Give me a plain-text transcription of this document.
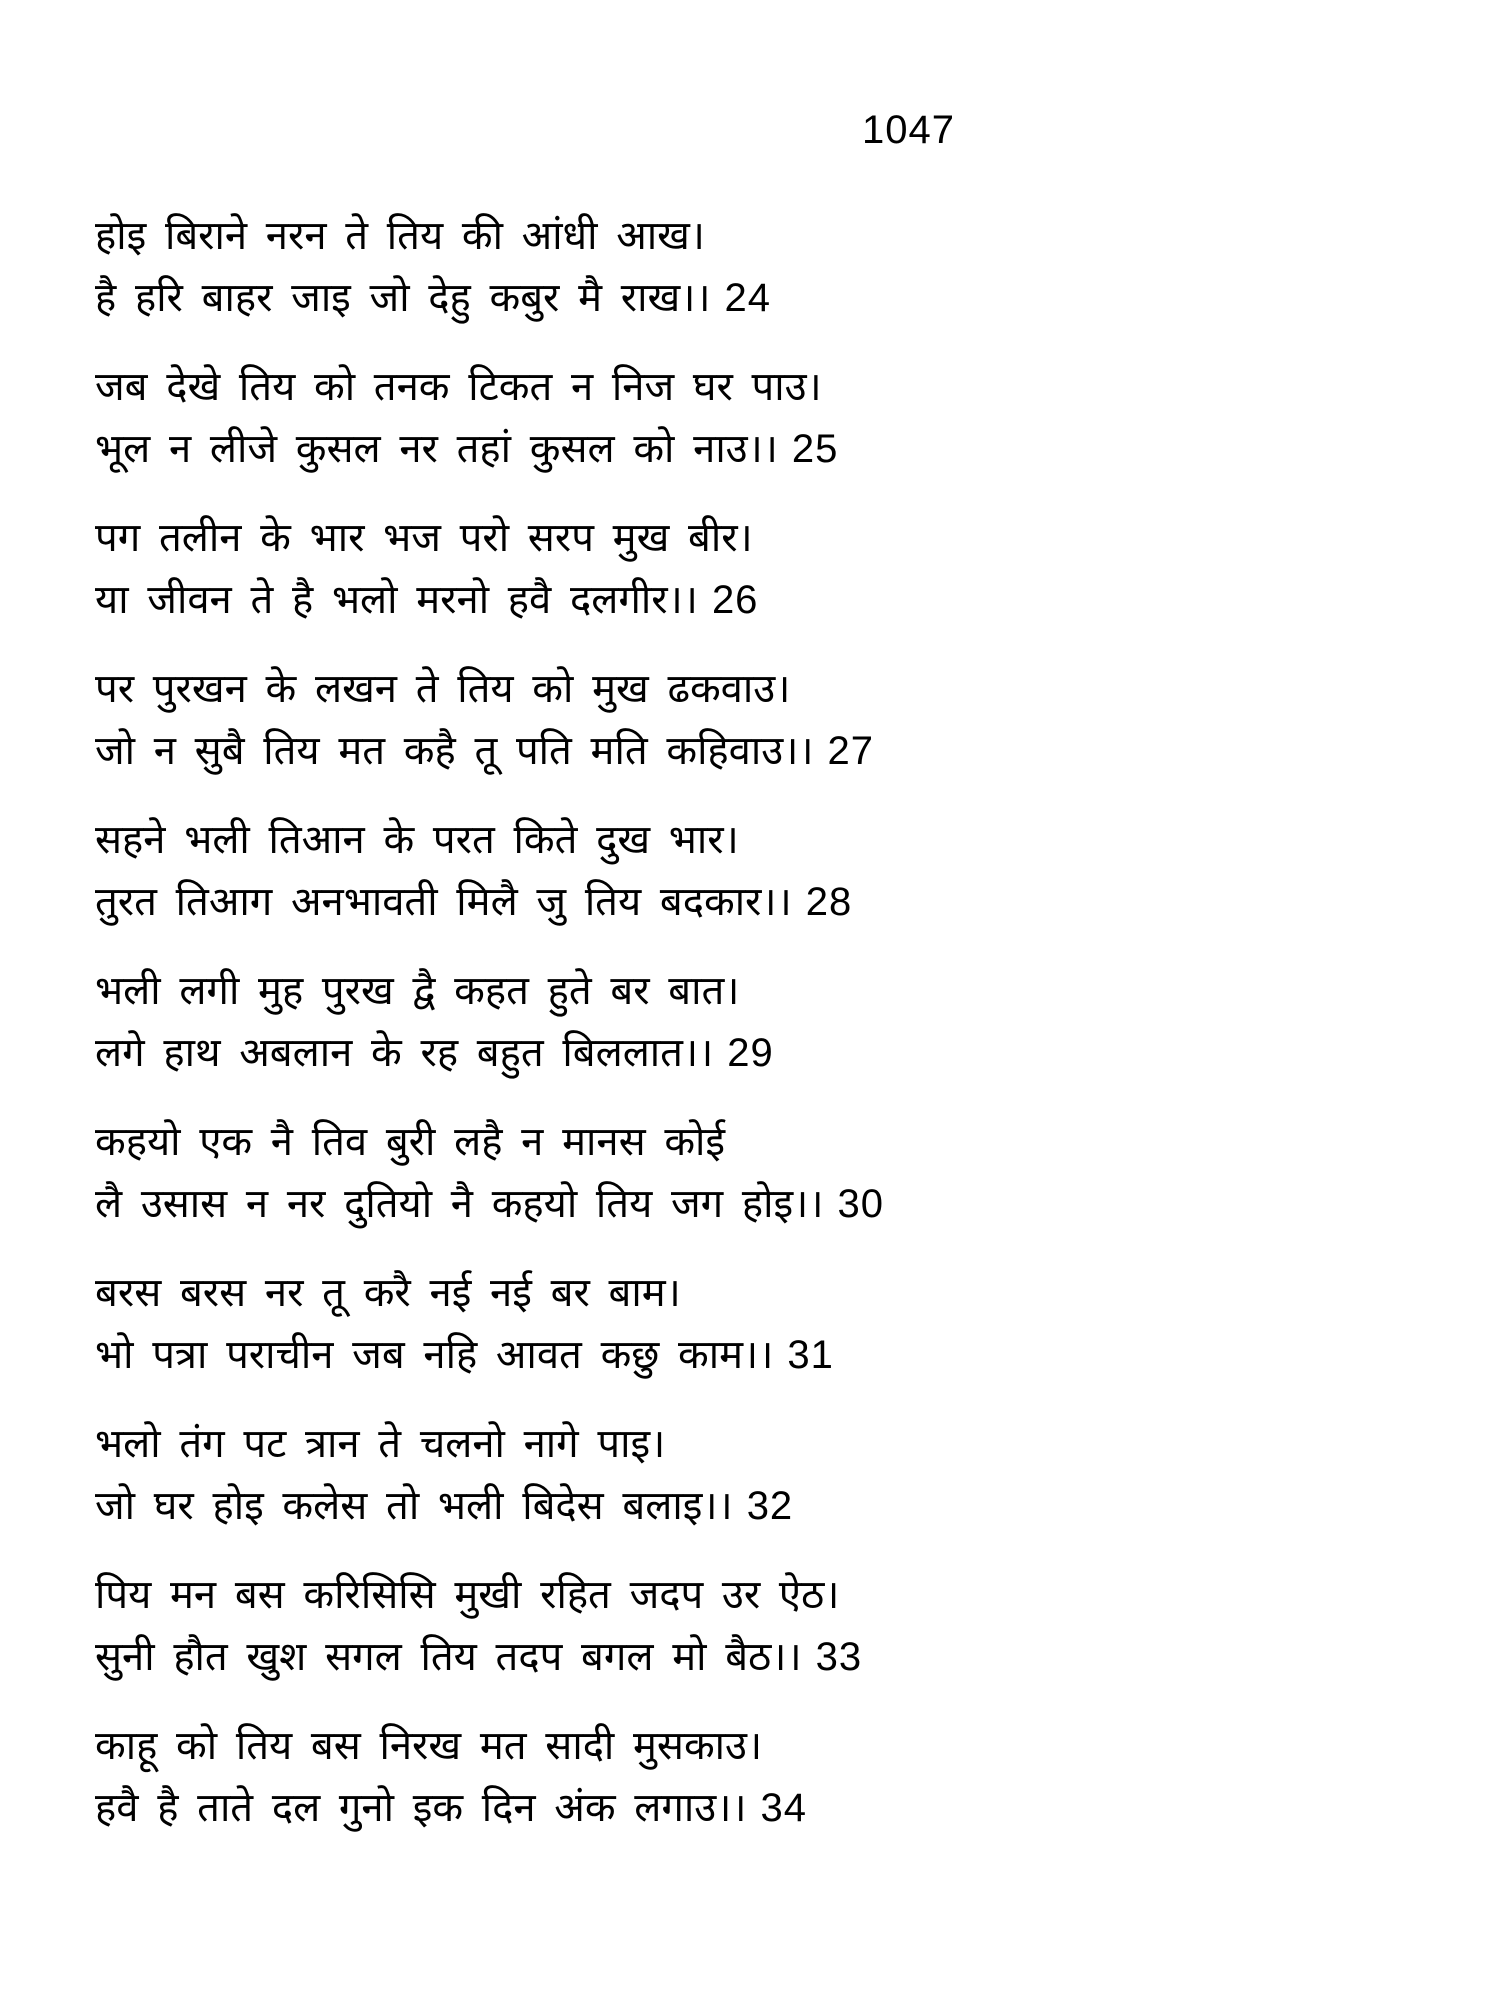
1047
होइ बिराने नरन ते तिय की आंधी आख।
है हरि बाहर जाइ जो देहु कबुर मै राख।। 24
जब देखे तिय को तनक टिकत न निज घर पाउ।
भूल न लीजे कुसल नर तहां कुसल को नाउ।। 25
पग तलीन के भार भज परो सरप मुख बीर।
या जीवन ते है भलो मरनो हवै दलगीर।। 26
पर पुरखन के लखन ते तिय को मुख ढकवाउ।
जो न सुबै तिय मत कहै तू पति मति कहिवाउ।। 27
सहने भली तिआन के परत किते दुख भार।
तुरत तिआग अनभावती मिलै जु तिय बदकार।। 28
भली लगी मुह पुरख द्वै कहत हुते बर बात।
लगे हाथ अबलान के रह बहुत बिललात।। 29
कहयो एक नै तिव बुरी लहै न मानस कोई
लै उसास न नर दुतियो नै कहयो तिय जग होइ।। 30
बरस बरस नर तू करै नई नई बर बाम।
भो पत्रा पराचीन जब नहि आवत कछु काम।। 31
भलो तंग पट त्रान ते चलनो नागे पाइ।
जो घर होइ कलेस तो भली बिदेस बलाइ।। 32
पिय मन बस करिसिसि मुखी रहित जदप उर ऐठ।
सुनी हौत खुश सगल तिय तदप बगल मो बैठ।। 33
काहू को तिय बस निरख मत सादी मुसकाउ।
हवै है ताते दल गुनो इक दिन अंक लगाउ।। 34
